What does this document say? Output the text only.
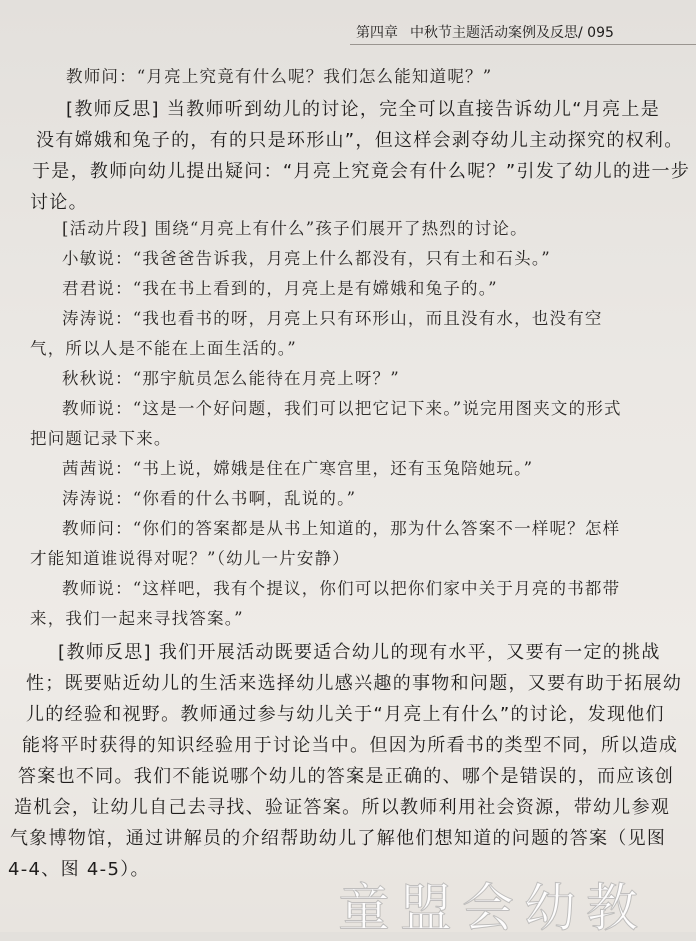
第四章 中秋节主题活动案例及反思/ 095
教师问：“月亮上究竟有什么呢？我们怎么能知道呢？”
[教师反思] 当教师听到幼儿的讨论，完全可以直接告诉幼儿“月亮上是
没有嫦娥和兔子的，有的只是环形山”，但这样会剥夺幼儿主动探究的权利。
于是，教师向幼儿提出疑问：“月亮上究竟会有什么呢？”引发了幼儿的进一步
讨论。
[活动片段] 围绕“月亮上有什么”孩子们展开了热烈的讨论。
小敏说：“我爸爸告诉我，月亮上什么都没有，只有土和石头。”
君君说：“我在书上看到的，月亮上是有嫦娥和兔子的。”
涛涛说：“我也看书的呀，月亮上只有环形山，而且没有水，也没有空
气，所以人是不能在上面生活的。”
秋秋说：“那宇航员怎么能待在月亮上呀？”
教师说：“这是一个好问题，我们可以把它记下来。”说完用图夹文的形式
把问题记录下来。
茜茜说：“书上说，嫦娥是住在广寒宫里，还有玉兔陪她玩。”
涛涛说：“你看的什么书啊，乱说的。”
教师问：“你们的答案都是从书上知道的，那为什么答案不一样呢？怎样
才能知道谁说得对呢？”（幼儿一片安静）
教师说：“这样吧，我有个提议，你们可以把你们家中关于月亮的书都带
来，我们一起来寻找答案。”
[教师反思] 我们开展活动既要适合幼儿的现有水平，又要有一定的挑战
性；既要贴近幼儿的生活来选择幼儿感兴趣的事物和问题，又要有助于拓展幼
儿的经验和视野。教师通过参与幼儿关于“月亮上有什么”的讨论，发现他们
能将平时获得的知识经验用于讨论当中。但因为所看书的类型不同，所以造成
答案也不同。我们不能说哪个幼儿的答案是正确的、哪个是错误的，而应该创
造机会，让幼儿自己去寻找、验证答案。所以教师利用社会资源，带幼儿参观
气象博物馆，通过讲解员的介绍帮助幼儿了解他们想知道的问题的答案（见图
4-4、图 4-5）。
童盟会幼教
